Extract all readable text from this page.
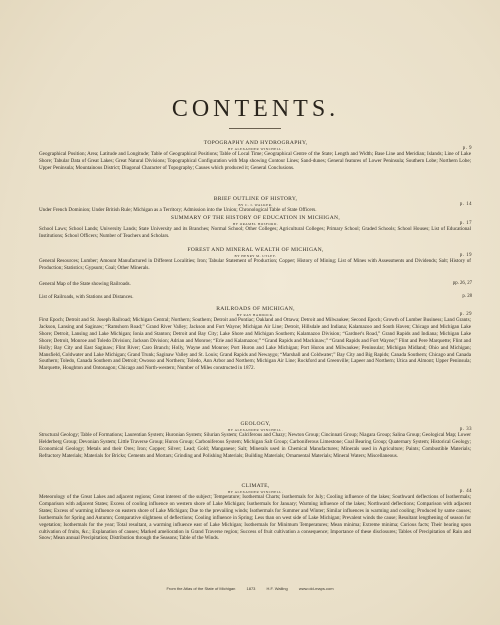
CONTENTS.
TOPOGRAPHY AND HYDROGRAPHY,
BY ALEXANDER WINCHELL.	p. 9

Geographical Position; Area; Latitude and Longitude; Table of Geographical Positions; Table of Local Time; Geographical Centre of the State; Length and Width; Base Line and Meridian; Islands; Line of Lake Shore; Tabular Data of Great Lakes; Great Natural Divisions; Topographical Configuration with Map showing Contour Lines; Sand-dunes; General features of Lower Peninsula; Southern Lobe; Northern Lobe; Upper Peninsula; Mountainous District; Diagonal Character of Topography; Causes which produced it; General Conclusions.

BRIEF OUTLINE OF HISTORY,
BY C. I. WALKER.	p. 14

Under French Dominion; Under British Rule; Michigan as a Territory; Admission into the Union; Chronological Table of State Officers.

SUMMARY OF THE HISTORY OF EDUCATION IN MICHIGAN,
BY ORAMEL HOSFORD.	p. 17

School Laws; School Lands; University Lands; State University and its Branches; Normal School; Other Colleges; Agricultural Colleges; Primary School; Graded Schools; School Houses; List of Educational Institutions; School Officers; Number of Teachers and Scholars.

FOREST AND MINERAL WEALTH OF MICHIGAN,
BY HENRY M. UTLEY.	p. 19

General Resources; Lumber; Amount Manufactured in Different Localities; Iron; Tabular Statement of Production; Copper; History of Mining; List of Mines with Assessments and Dividends; Salt; History of Production; Statistics; Gypsum; Coal; Other Minerals.

General Map of the State showing Railroads.	pp. 26, 27
List of Railroads, with Stations and Distances.	p. 28
RAILROADS OF MICHIGAN,
BY RAY HADDOCK.	p. 29

First Epoch; Detroit and St. Joseph Railroad; Michigan Central; Northern; Southern; Detroit and Pontiac; Oakland and Ottawa; Detroit and Milwaukee; Second Epoch; Growth of Lumber Business; Land Grants; Jackson, Lansing and Saginaw; “Ramshorn Road;” Grand River Valley; Jackson and Fort Wayne; Michigan Air Line; Detroit, Hillsdale and Indiana; Kalamazoo and South Haven; Chicago and Michigan Lake Shore; Detroit, Lansing and Lake Michigan; Ionia and Stanton; Detroit and Bay City; Lake Shore and Michigan Southern; Kalamazoo Division; “Gardner's Road,” Grand Rapids and Indiana; Michigan Lake Shore; Detroit, Monroe and Toledo Division; Jackson Division; Adrian and Monroe; “Erie and Kalamazoo;” “Grand Rapids and Mackinaw;” “Grand Rapids and Fort Wayne;” Flint and Pere Marquette; Flint and Holly; Bay City and East Saginaw; Flint River; Caro Branch; Holly, Wayne and Monroe; Port Huron and Lake Michigan; Port Huron and Milwaukee; Peninsular; Michigan Midland; Ohio and Michigan; Mansfield, Coldwater and Lake Michigan; Grand Trunk; Saginaw Valley and St. Louis; Grand Rapids and Newaygo; “Marshall and Coldwater;” Bay City and Big Rapids; Canada Southern; Chicago and Canada Southern; Toledo, Canada Southern and Detroit; Owosso and Northern; Toledo, Ann Arbor and Northern; Michigan Air Line; Rockford and Greenville; Lapeer and Northern; Utica and Almont; Upper Peninsula; Marquette, Houghton and Ontonagon; Chicago and North-western; Number of Miles constructed in 1872.

GEOLOGY,
BY ALEXANDER WINCHELL.	p. 33

Structural Geology; Table of Formations; Laurentian System; Huronian System; Silurian System; Calciferous and Chazy; Newton Group; Cincinnati Group; Niagara Group; Salina Group; Geological Map; Lower Helderberg Group; Devonian System; Little Traverse Group; Huron Group; Carboniferous System; Michigan Salt Group; Carboniferous Limestone; Coal Bearing Group; Quaternary System; Historical Geology; Economical Geology; Metals and their Ores; Iron; Copper; Silver; Lead; Gold; Manganese; Salt; Minerals used in Chemical Manufactures; Minerals used in Agriculture; Paints; Combustible Materials; Refractory Materials; Materials for Bricks; Cements and Mortars; Grinding and Polishing Materials; Building Materials; Ornamental Materials; Mineral Waters; Miscellaneous.

CLIMATE,
BY ALEXANDER WINCHELL.	p. 44

Meteorology of the Great Lakes and adjacent regions; Great interest of the subject; Temperature; Isothermal Charts; Isothermals for July; Cooling influence of the lakes; Southward deflections of Isothermals; Comparison with adjacent States; Excess of cooling influence on western shore of Lake Michigan; Isothermals for January; Warming influence of the lakes; Northward deflections; Comparison with adjacent States; Excess of warming influence on eastern shore of Lake Michigan; Due to the prevailing winds; Isothermals for Summer and Winter; Similar influences in warming and cooling; Produced by same causes; Isothermals for Spring and Autumn; Comparative slightness of deflections; Cooling influence in Spring; Less than on west side of Lake Michigan; Prevalent winds the cause; Resultant lengthening of season for vegetation; Isothermals for the year; Total resultant, a warming influence east of Lake Michigan; Isothermals for Minimum Temperatures; Mean minima; Extreme minima; Curious facts; Their bearing upon cultivation of fruits, &c.; Explanation of causes; Marked amelioration in Grand Traverse region; Success of fruit cultivation a consequence; Importance of these disclosures; Tables of Precipitation of Rain and Snow; Mean annual Precipitation; Distribution through the Seasons; Table of the Winds.

From the Atlas of the State of Michigan	1873	H.F. Walling	www.old-maps.com
